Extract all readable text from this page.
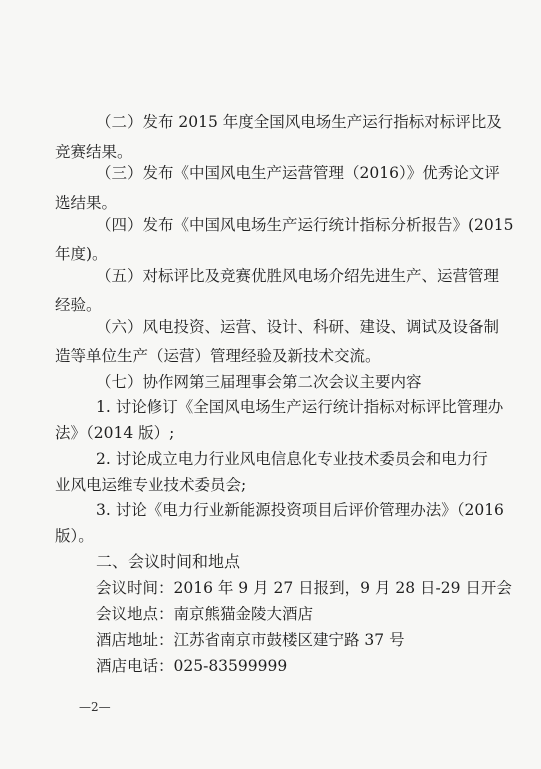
（二）发布 2015 年度全国风电场生产运行指标对标评比及
竞赛结果。
（三）发布《中国风电生产运营管理（2016）》优秀论文评
选结果。
（四）发布《中国风电场生产运行统计指标分析报告》(2015
年度)。
（五）对标评比及竞赛优胜风电场介绍先进生产、运营管理
经验。
（六）风电投资、运营、设计、科研、建设、调试及设备制
造等单位生产（运营）管理经验及新技术交流。
（七）协作网第三届理事会第二次会议主要内容
1. 讨论修订《全国风电场生产运行统计指标对标评比管理办
法》（2014 版）;
2. 讨论成立电力行业风电信息化专业技术委员会和电力行
业风电运维专业技术委员会;
3. 讨论《电力行业新能源投资项目后评价管理办法》（2016
版）。
二、会议时间和地点
会议时间：2016 年 9 月 27 日报到，9 月 28 日-29 日开会
会议地点：南京熊猫金陵大酒店
酒店地址：江苏省南京市鼓楼区建宁路 37 号
酒店电话：025-83599999
—2—
